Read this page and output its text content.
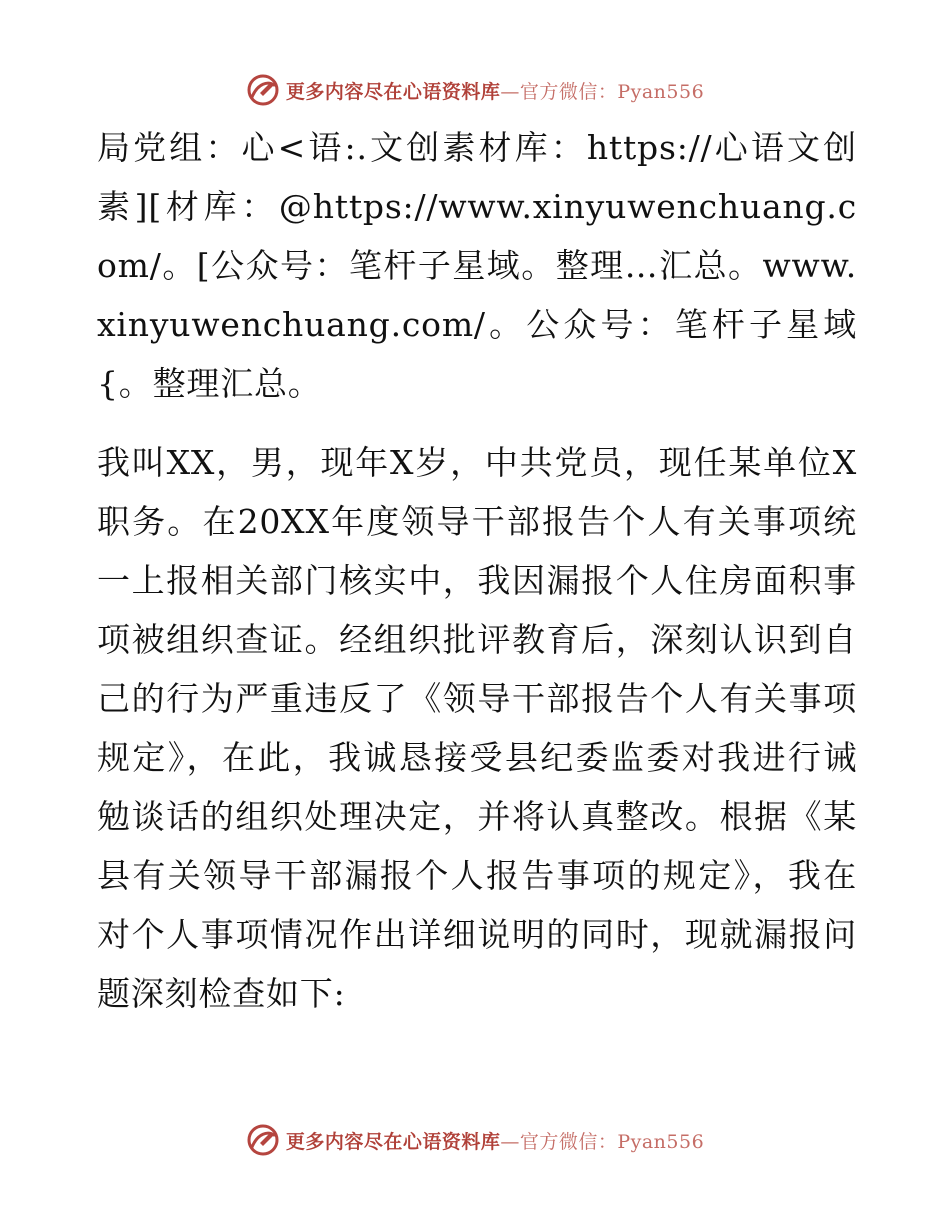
更多内容尽在心语资料库—官方微信：Pyan556

局党组：心<语:.文创素材库：https://心语文创素][材库：@https://www.xinyuwenchuang.com/。[公众号：笔杆子星域。整理…汇总。www.xinyuwenchuang.com/。公众号：笔杆子星域{。整理汇总。

我叫XX，男，现年X岁，中共党员，现任某单位X职务。在20XX年度领导干部报告个人有关事项统一上报相关部门核实中，我因漏报个人住房面积事项被组织查证。经组织批评教育后，深刻认识到自己的行为严重违反了《领导干部报告个人有关事项规定》，在此，我诚恳接受县纪委监委对我进行诫勉谈话的组织处理决定，并将认真整改。根据《某县有关领导干部漏报个人报告事项的规定》，我在对个人事项情况作出详细说明的同时，现就漏报问题深刻检查如下:

更多内容尽在心语资料库—官方微信：Pyan556
